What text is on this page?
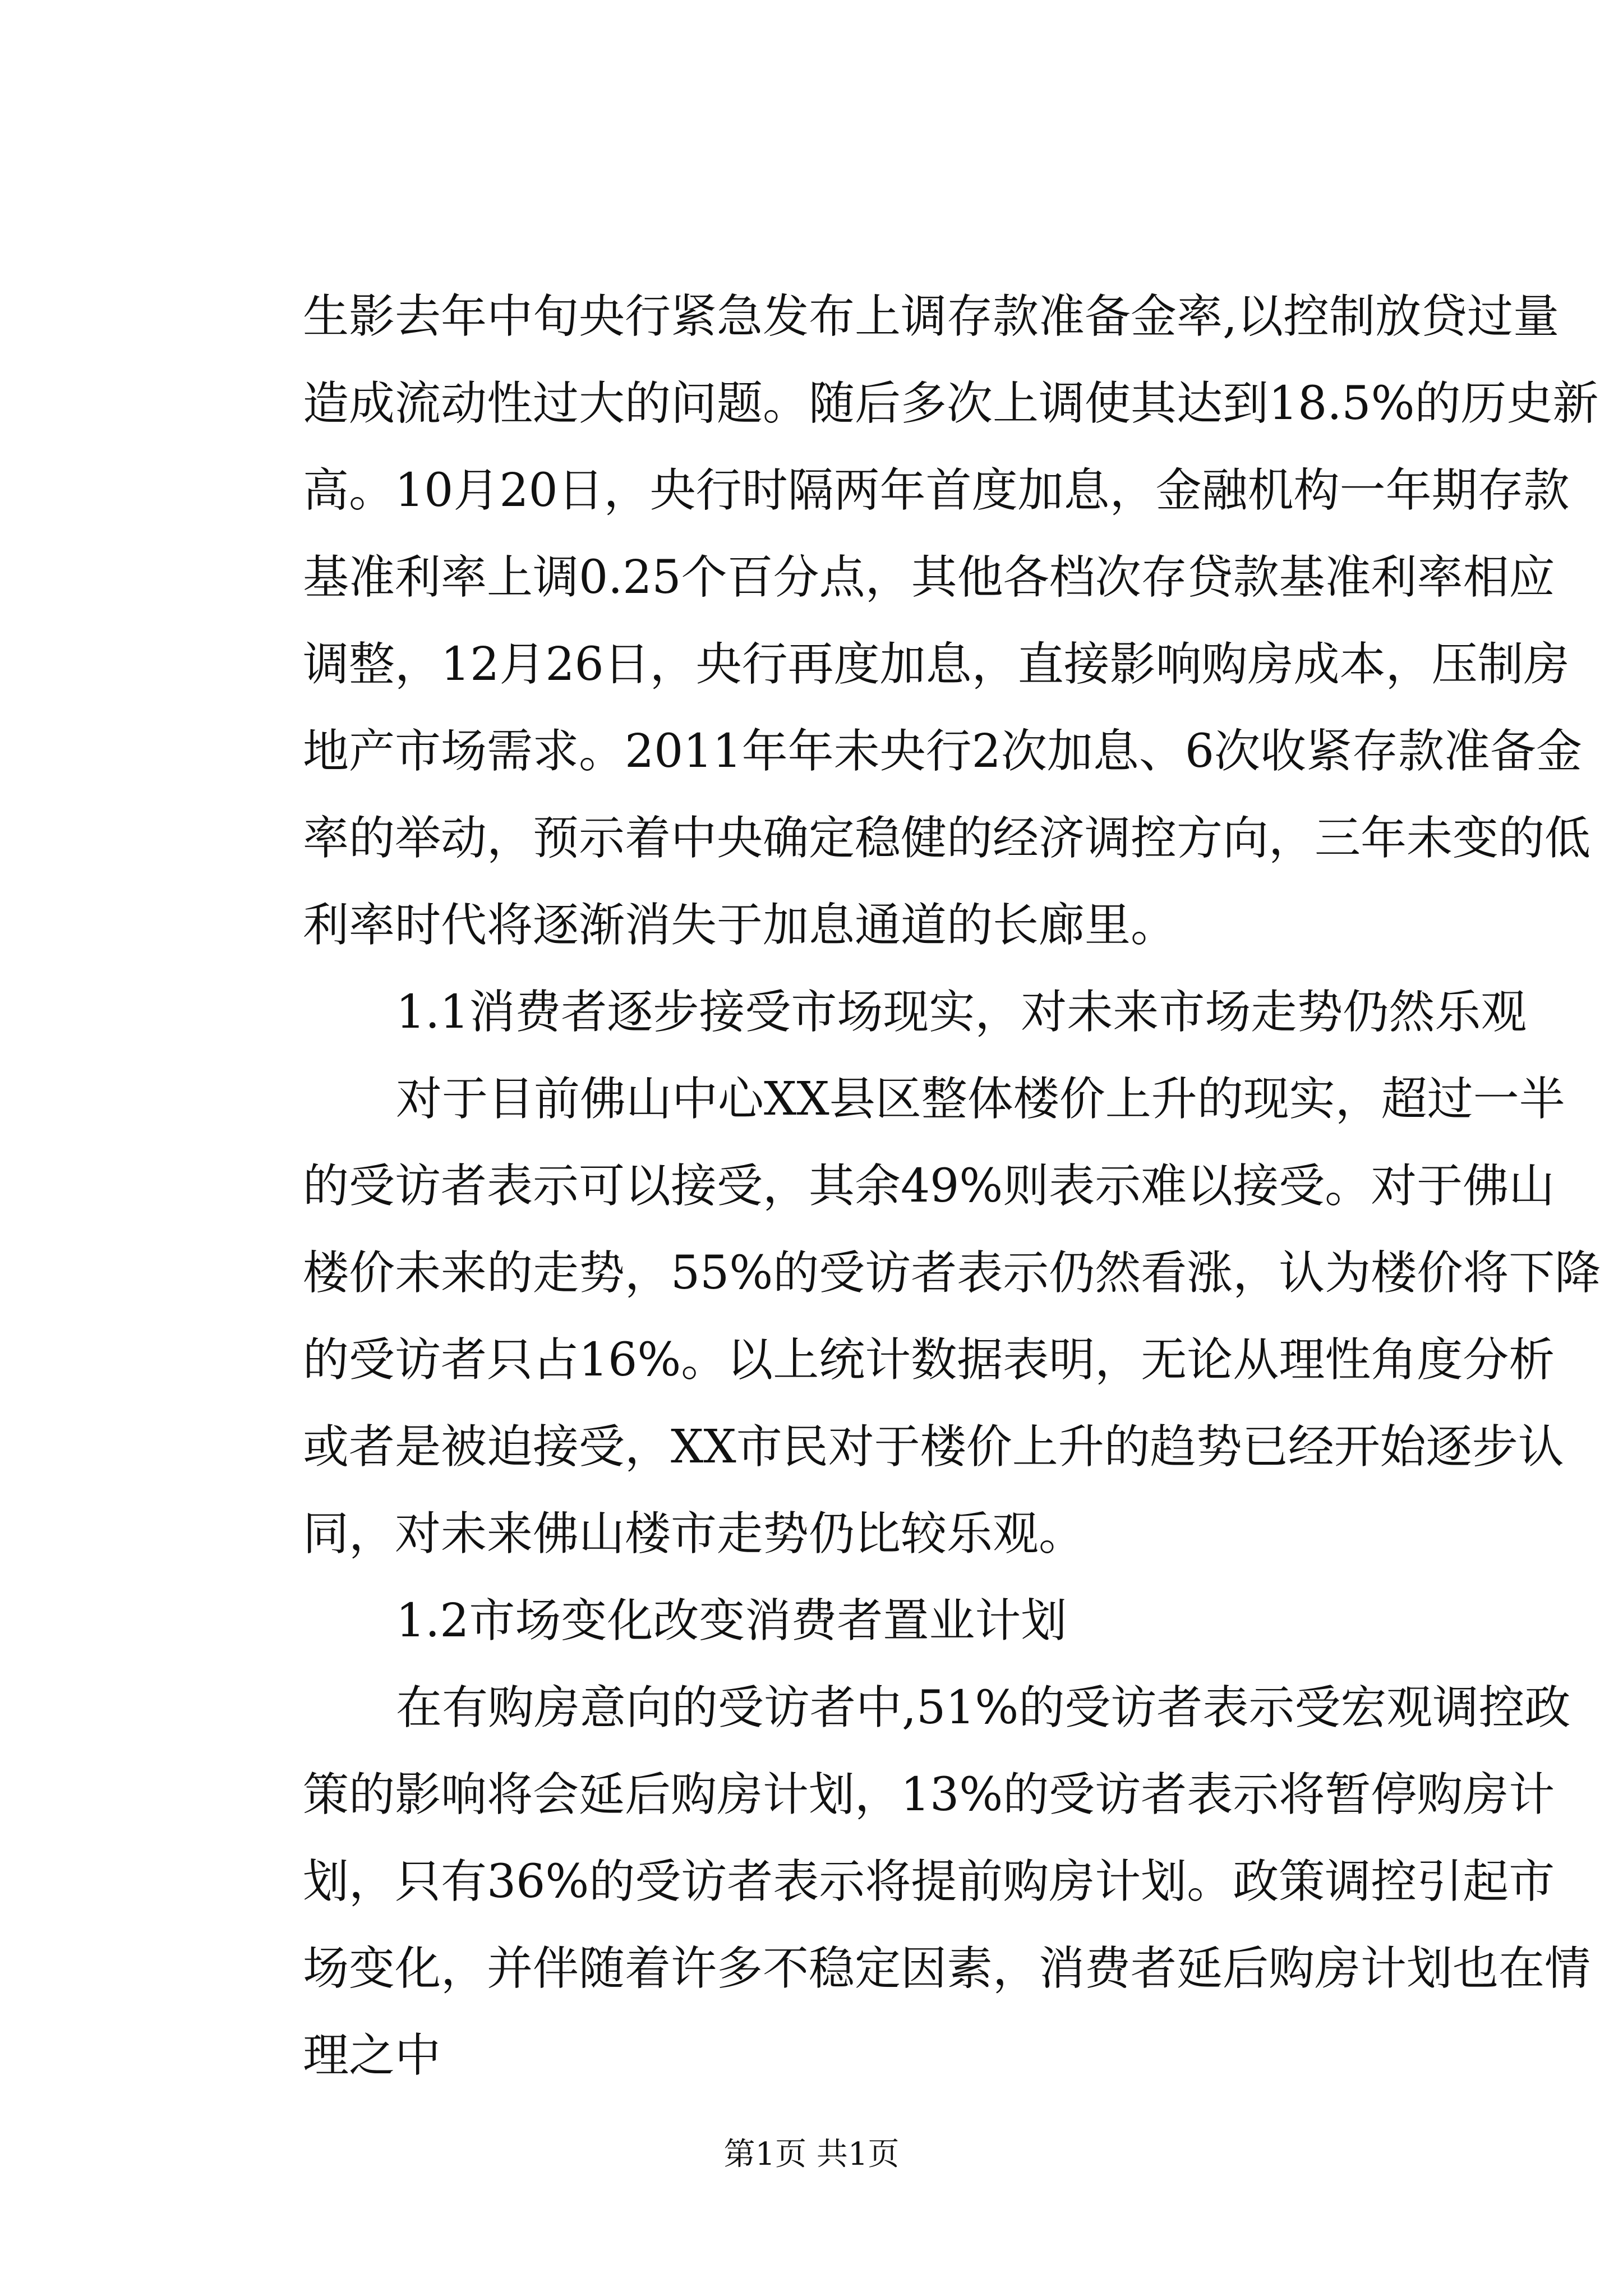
生影去年中旬央行紧急发布上调存款准备金率,以控制放贷过量
造成流动性过大的问题。随后多次上调使其达到18.5%的历史新
高。10月20日，央行时隔两年首度加息，金融机构一年期存款
基准利率上调0.25个百分点，其他各档次存贷款基准利率相应
调整，12月26日，央行再度加息，直接影响购房成本，压制房
地产市场需求。2011年年未央行2次加息、6次收紧存款准备金
率的举动，预示着中央确定稳健的经济调控方向，三年未变的低
利率时代将逐渐消失于加息通道的长廊里。
1.1消费者逐步接受市场现实，对未来市场走势仍然乐观
对于目前佛山中心XX县区整体楼价上升的现实，超过一半
的受访者表示可以接受，其余49%则表示难以接受。对于佛山
楼价未来的走势，55%的受访者表示仍然看涨，认为楼价将下降
的受访者只占16%。以上统计数据表明，无论从理性角度分析
或者是被迫接受，XX市民对于楼价上升的趋势已经开始逐步认
同，对未来佛山楼市走势仍比较乐观。
1.2市场变化改变消费者置业计划
在有购房意向的受访者中,51%的受访者表示受宏观调控政
策的影响将会延后购房计划，13%的受访者表示将暂停购房计
划，只有36%的受访者表示将提前购房计划。政策调控引起市
场变化，并伴随着许多不稳定因素，消费者延后购房计划也在情
理之中
第1页 共1页
